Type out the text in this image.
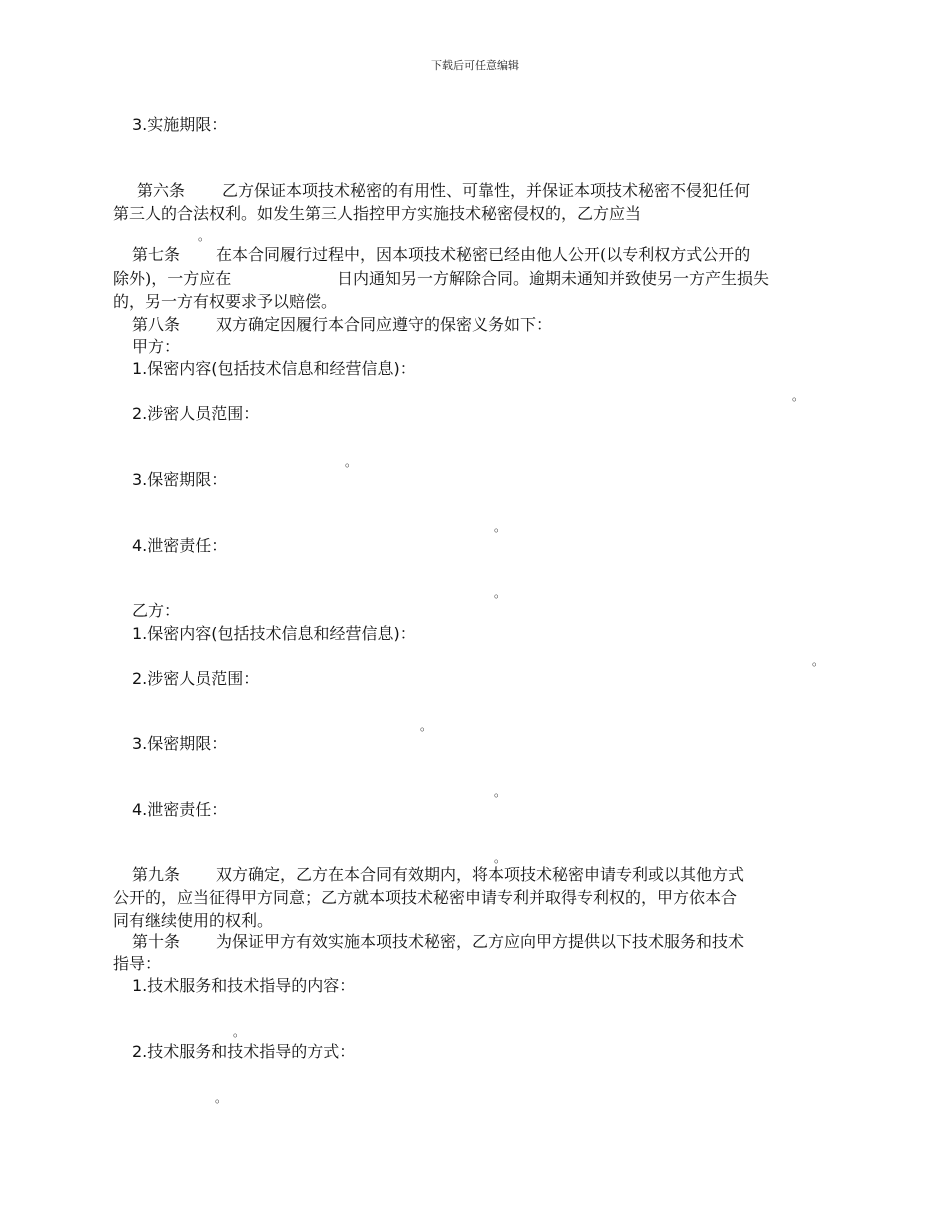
下载后可任意编辑
3.实施期限：
第六条 乙方保证本项技术秘密的有用性、可靠性，并保证本项技术秘密不侵犯任何
第三人的合法权利。如发生第三人指控甲方实施技术秘密侵权的，乙方应当
。
第七条 在本合同履行过程中，因本项技术秘密已经由他人公开(以专利权方式公开的
除外)，一方应在	日内通知另一方解除合同。逾期未通知并致使另一方产生损失
的，另一方有权要求予以赔偿。
第八条 双方确定因履行本合同应遵守的保密义务如下：
甲方：
1.保密内容(包括技术信息和经营信息)：
。
2.涉密人员范围：
。
3.保密期限：
。
4.泄密责任：
。
乙方：
1.保密内容(包括技术信息和经营信息)：
。
2.涉密人员范围：
。
3.保密期限：
。
4.泄密责任：
。
第九条 双方确定，乙方在本合同有效期内，将本项技术秘密申请专利或以其他方式
公开的，应当征得甲方同意；乙方就本项技术秘密申请专利并取得专利权的，甲方依本合
同有继续使用的权利。
第十条 为保证甲方有效实施本项技术秘密，乙方应向甲方提供以下技术服务和技术
指导：
1.技术服务和技术指导的内容：
。
2.技术服务和技术指导的方式：
。
